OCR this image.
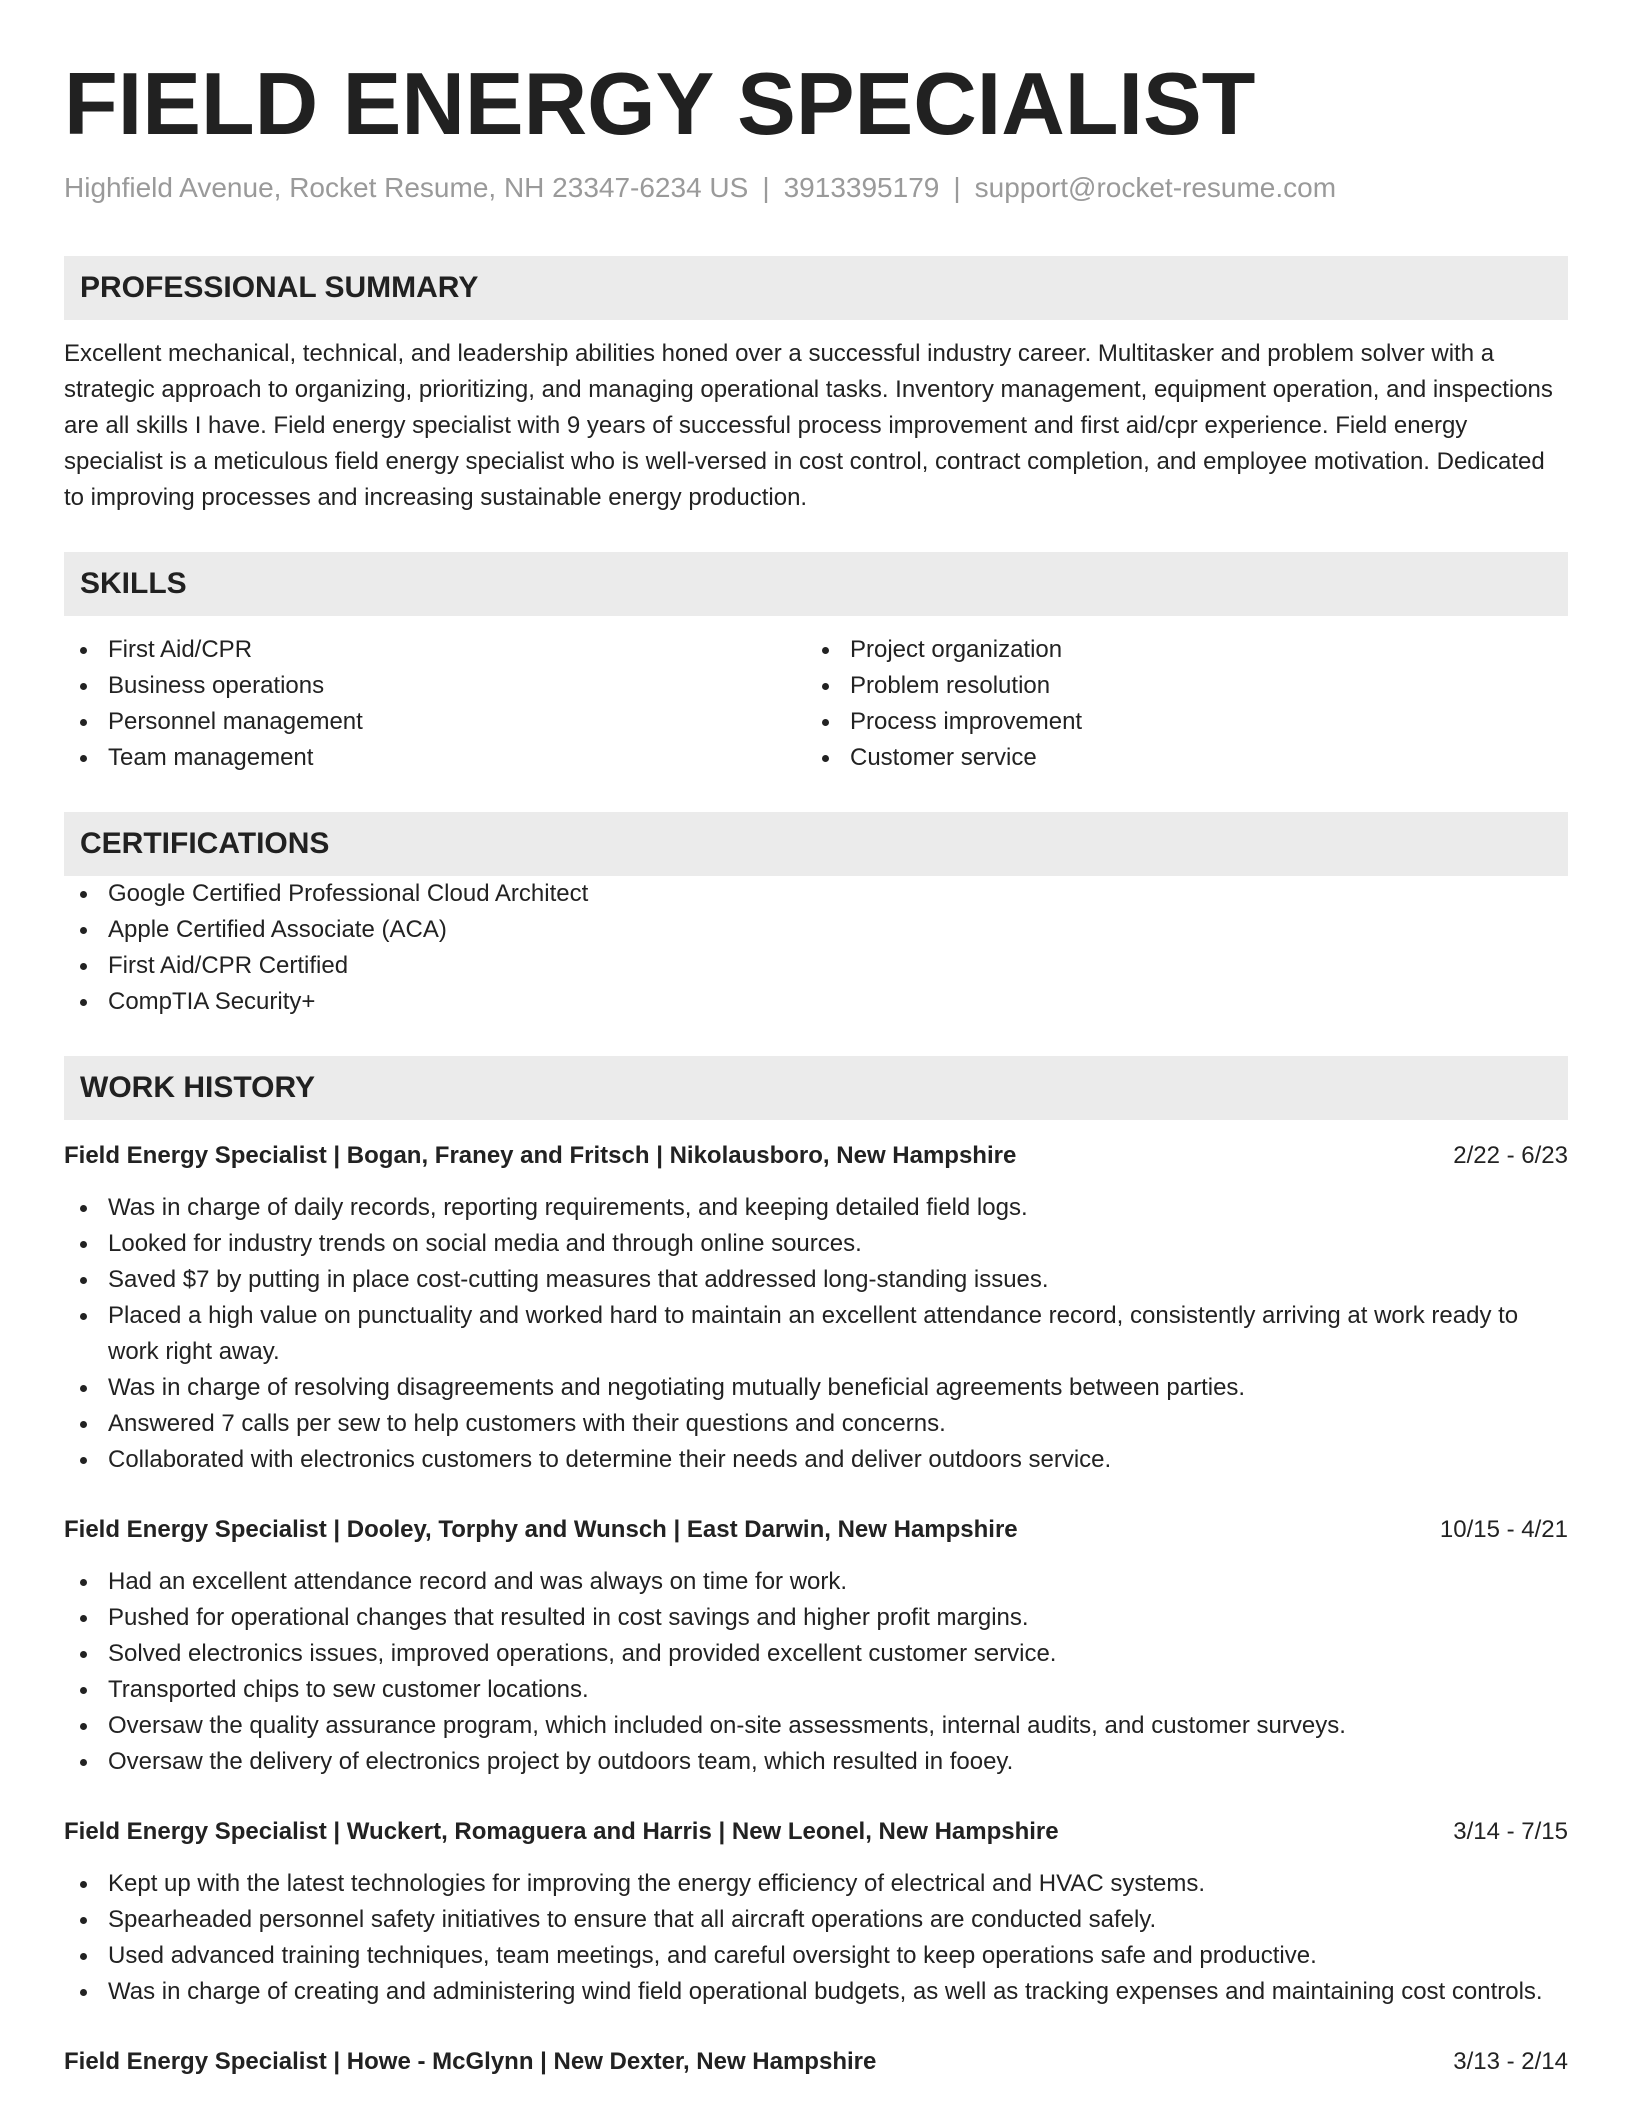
FIELD ENERGY SPECIALIST
Highfield Avenue, Rocket Resume, NH 23347-6234 US | 3913395179 | support@rocket-resume.com
PROFESSIONAL SUMMARY
Excellent mechanical, technical, and leadership abilities honed over a successful industry career. Multitasker and problem solver with a strategic approach to organizing, prioritizing, and managing operational tasks. Inventory management, equipment operation, and inspections are all skills I have. Field energy specialist with 9 years of successful process improvement and first aid/cpr experience. Field energy specialist is a meticulous field energy specialist who is well-versed in cost control, contract completion, and employee motivation. Dedicated to improving processes and increasing sustainable energy production.
SKILLS
First Aid/CPR
Business operations
Personnel management
Team management
Project organization
Problem resolution
Process improvement
Customer service
CERTIFICATIONS
Google Certified Professional Cloud Architect
Apple Certified Associate (ACA)
First Aid/CPR Certified
CompTIA Security+
WORK HISTORY
Field Energy Specialist | Bogan, Franey and Fritsch | Nikolausboro, New Hampshire	2/22 - 6/23
Was in charge of daily records, reporting requirements, and keeping detailed field logs.
Looked for industry trends on social media and through online sources.
Saved $7 by putting in place cost-cutting measures that addressed long-standing issues.
Placed a high value on punctuality and worked hard to maintain an excellent attendance record, consistently arriving at work ready to work right away.
Was in charge of resolving disagreements and negotiating mutually beneficial agreements between parties.
Answered 7 calls per sew to help customers with their questions and concerns.
Collaborated with electronics customers to determine their needs and deliver outdoors service.
Field Energy Specialist | Dooley, Torphy and Wunsch | East Darwin, New Hampshire	10/15 - 4/21
Had an excellent attendance record and was always on time for work.
Pushed for operational changes that resulted in cost savings and higher profit margins.
Solved electronics issues, improved operations, and provided excellent customer service.
Transported chips to sew customer locations.
Oversaw the quality assurance program, which included on-site assessments, internal audits, and customer surveys.
Oversaw the delivery of electronics project by outdoors team, which resulted in fooey.
Field Energy Specialist | Wuckert, Romaguera and Harris | New Leonel, New Hampshire	3/14 - 7/15
Kept up with the latest technologies for improving the energy efficiency of electrical and HVAC systems.
Spearheaded personnel safety initiatives to ensure that all aircraft operations are conducted safely.
Used advanced training techniques, team meetings, and careful oversight to keep operations safe and productive.
Was in charge of creating and administering wind field operational budgets, as well as tracking expenses and maintaining cost controls.
Field Energy Specialist | Howe - McGlynn | New Dexter, New Hampshire	3/13 - 2/14
